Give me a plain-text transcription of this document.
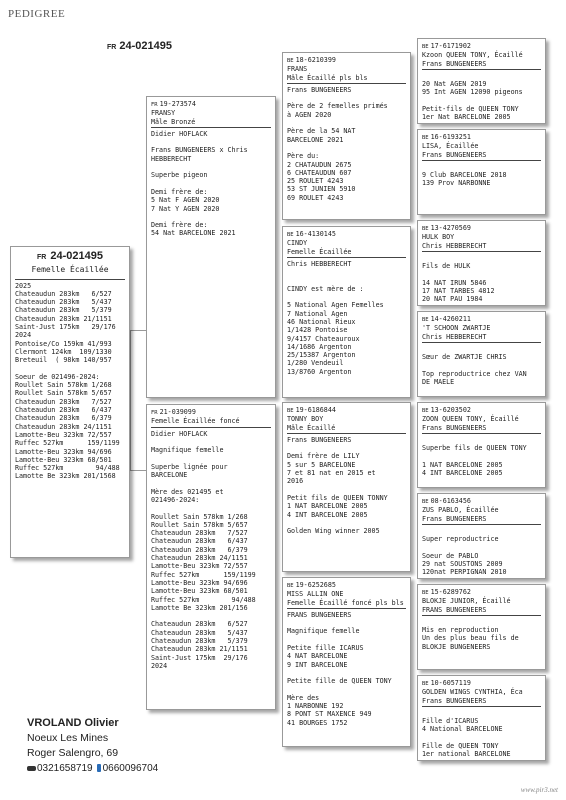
PEDIGREE
FR 24-021495
FR 24-021495
Femelle Écaillée
2025
Chateaudun 283km   6/527
Chateaudun 283km   5/437
Chateaudun 283km   5/379
Chateaudun 283km 21/1151
Saint-Just 175km   29/176
2024
Pontoise/Co 159km 41/993
Clermont 124km  109/1330
Breteuil  ( 98km 140/957
Soeur de 021496-2024:
Roullet Sain 578km 1/268
Roullet Sain 578km 5/657
Chateaudun 283km   7/527
Chateaudun 283km   6/437
Chateaudun 283km   6/379
Chateaudun 283km 24/1151
Lamotte-Beu 323km 72/557
Ruffec 527km      159/1199
Lamotte-Beu 323km 94/696
Lamotte-Beu 323km 68/501
Ruffec 527km        94/488
Lamotte Be 323km 201/1568
FR 19-273574
FRANSY
Mâle Bronzé
Didier HOFLACK
Frans BUNGENEERS x Chris
HEBBERECHT
Superbe pigeon
Demi frère de:
5 Nat F AGEN 2020
7 Nat Y AGEN 2020
Demi frère de:
54 Nat BARCELONE 2021
FR 21-039099
Femelle Écaillée foncé
Didier HOFLACK
Magnifique femelle
Superbe lignée pour
BARCELONE
Mère des 021495 et
021496-2024:
Roullet Sain 578km 1/268
Roullet Sain 578km 5/657
Chateaudun 283km   7/527
Chateaudun 283km   6/437
Chateaudun 283km   6/379
Chateaudun 283km 24/1151
Lamotte-Beu 323km 72/557
Ruffec 527km      159/1199
Lamotte-Beu 323km 94/696
Lamotte-Beu 323km 68/501
Ruffec 527km        94/488
Lamotte Be 323km 201/156
Chateaudun 283km   6/527
Chateaudun 283km   5/437
Chateaudun 283km   5/379
Chateaudun 283km 21/1151
Saint-Just 175km  29/176
2024
BE 18-6210399
FRANS
Mâle Écaillé pls bls
Frans BUNGENEERS
Père de 2 femelles primés
à AGEN 2020
Père de la 54 NAT
BARCELONE 2021
Père du:
2 CHATAUDUN 2675
6 CHATEAUDUN 607
25 ROULET 4243
53 ST JUNIEN 5910
69 ROULET 4243
BE 16-4130145
CINDY
Femelle Écaillée
Chris HEBBERECHT
CINDY est mère de :
5 National Agen Femelles
7 National Agen
46 National Rieux
1/1428 Pontoise
9/4157 Chateauroux
14/1686 Argenton
25/15387 Argenton
1/280 Vendeuil
13/8760 Argenton
BE 19-6186844
TONNY BOY
Mâle Écaillé
Frans BUNGENEERS
Demi frère de LILY
5 sur 5 BARCELONE
7 et 81 nat en 2015 et
2016
Petit fils de QUEEN TONNY
1 NAT BARCELONE 2005
4 INT BARCELONE 2005
Golden Wing winner 2005
BE 19-6252685
MISS ALLIN ONE
Femelle Écaillé foncé pls bls
FRANS BUNGENEERS
Magnifique femelle
Petite fille ICARUS
4 NAT BARCELONE
9 INT BARCELONE
Petite fille de QUEEN TONY
Mère des
1 NARBONNE 192
8 PONT ST MAXENCE 949
41 BOURGES 1752
BE 17-6171902
Kzoon QUEEN TONY, Écaillé
Frans BUNGENEERS
20 Nat AGEN 2019
95 Int AGEN 12090 pigeons
Petit-fils de QUEEN TONY
1er Nat BARCELONE 2005
BE 16-6193251
LISA, Écaillée
Frans BUNGENEERS
9 Club BARCELONE 2018
139 Prov NARBONNE
BE 13-4270569
HULK BOY
Chris HEBBERECHT
Fils de HULK
14 NAT IRUN 5846
17 NAT TARBES 4812
20 NAT PAU 1984
BE 14-4260211
'T SCHOON ZWARTJE
Chris HEBBERECHT
Sœur de ZWARTJE CHRIS
Top reproductrice chez VAN
DE MAELE
BE 13-6203502
ZOON QUEEN TONY, Écaillé
Frans BUNGENEERS
Superbe fils de QUEEN TONY
1 NAT BARCELONE 2005
4 INT BARCELONE 2005
BE 08-6163456
ZUS PABLO, Écaillée
Frans BUNGENEERS
Super reproductrice
Soeur de PABLO
29 nat SOUSTONS 2009
120nat PERPIGNAN 2010
BE 15-6289762
BLOKJE JUNIOR, Écaillé
FRANS BUNGENEERS
Mis en reproduction
Un des plus beau fils de
BLOKJE BUNGENEERS
BE 10-6057119
GOLDEN WINGS CYNTHIA, Éca
Frans BUNGENEERS
Fille d'ICARUS
4 National BARCELONE
Fille de QUEEN TONY
1er national BARCELONE
VROLAND Olivier
Noeux Les Mines
Roger Salengro, 69
0321658719 0660096704
www.pir3.net
